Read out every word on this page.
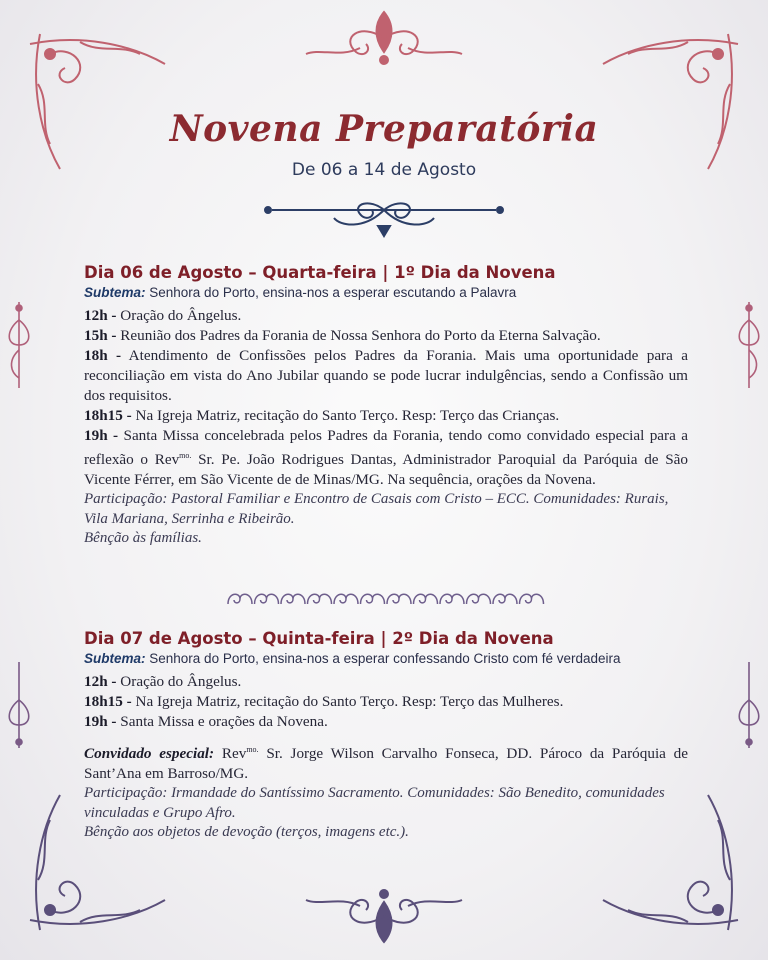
Novena Preparatória
De 06 a 14 de Agosto
Dia 06 de Agosto – Quarta-feira | 1º Dia da Novena
Subtema: Senhora do Porto, ensina-nos a esperar escutando a Palavra
12h - Oração do Ângelus.
15h - Reunião dos Padres da Forania de Nossa Senhora do Porto da Eterna Salvação.
18h - Atendimento de Confissões pelos Padres da Forania. Mais uma oportunidade para a reconciliação em vista do Ano Jubilar quando se pode lucrar indulgências, sendo a Confissão um dos requisitos.
18h15 - Na Igreja Matriz, recitação do Santo Terço. Resp: Terço das Crianças.
19h - Santa Missa concelebrada pelos Padres da Forania, tendo como convidado especial para a reflexão o Rev$^{mo.}$ Sr. Pe. João Rodrigues Dantas, Administrador Paroquial da Paróquia de São Vicente Férrer, em São Vicente de de Minas/MG. Na sequência, orações da Novena.
Participação: Pastoral Familiar e Encontro de Casais com Cristo – ECC. Comunidades: Rurais, Vila Mariana, Serrinha e Ribeirão.
Bênção às famílias.
Dia 07 de Agosto – Quinta-feira | 2º Dia da Novena
Subtema: Senhora do Porto, ensina-nos a esperar confessando Cristo com fé verdadeira
12h - Oração do Ângelus.
18h15 - Na Igreja Matriz, recitação do Santo Terço. Resp: Terço das Mulheres.
19h - Santa Missa e orações da Novena.
Convidado especial: Rev$^{mo.}$ Sr. Jorge Wilson Carvalho Fonseca, DD. Pároco da Paróquia de Sant’Ana em Barroso/MG.
Participação: Irmandade do Santíssimo Sacramento. Comunidades: São Benedito, comunidades vinculadas e Grupo Afro.
Bênção aos objetos de devoção (terços, imagens etc.).
